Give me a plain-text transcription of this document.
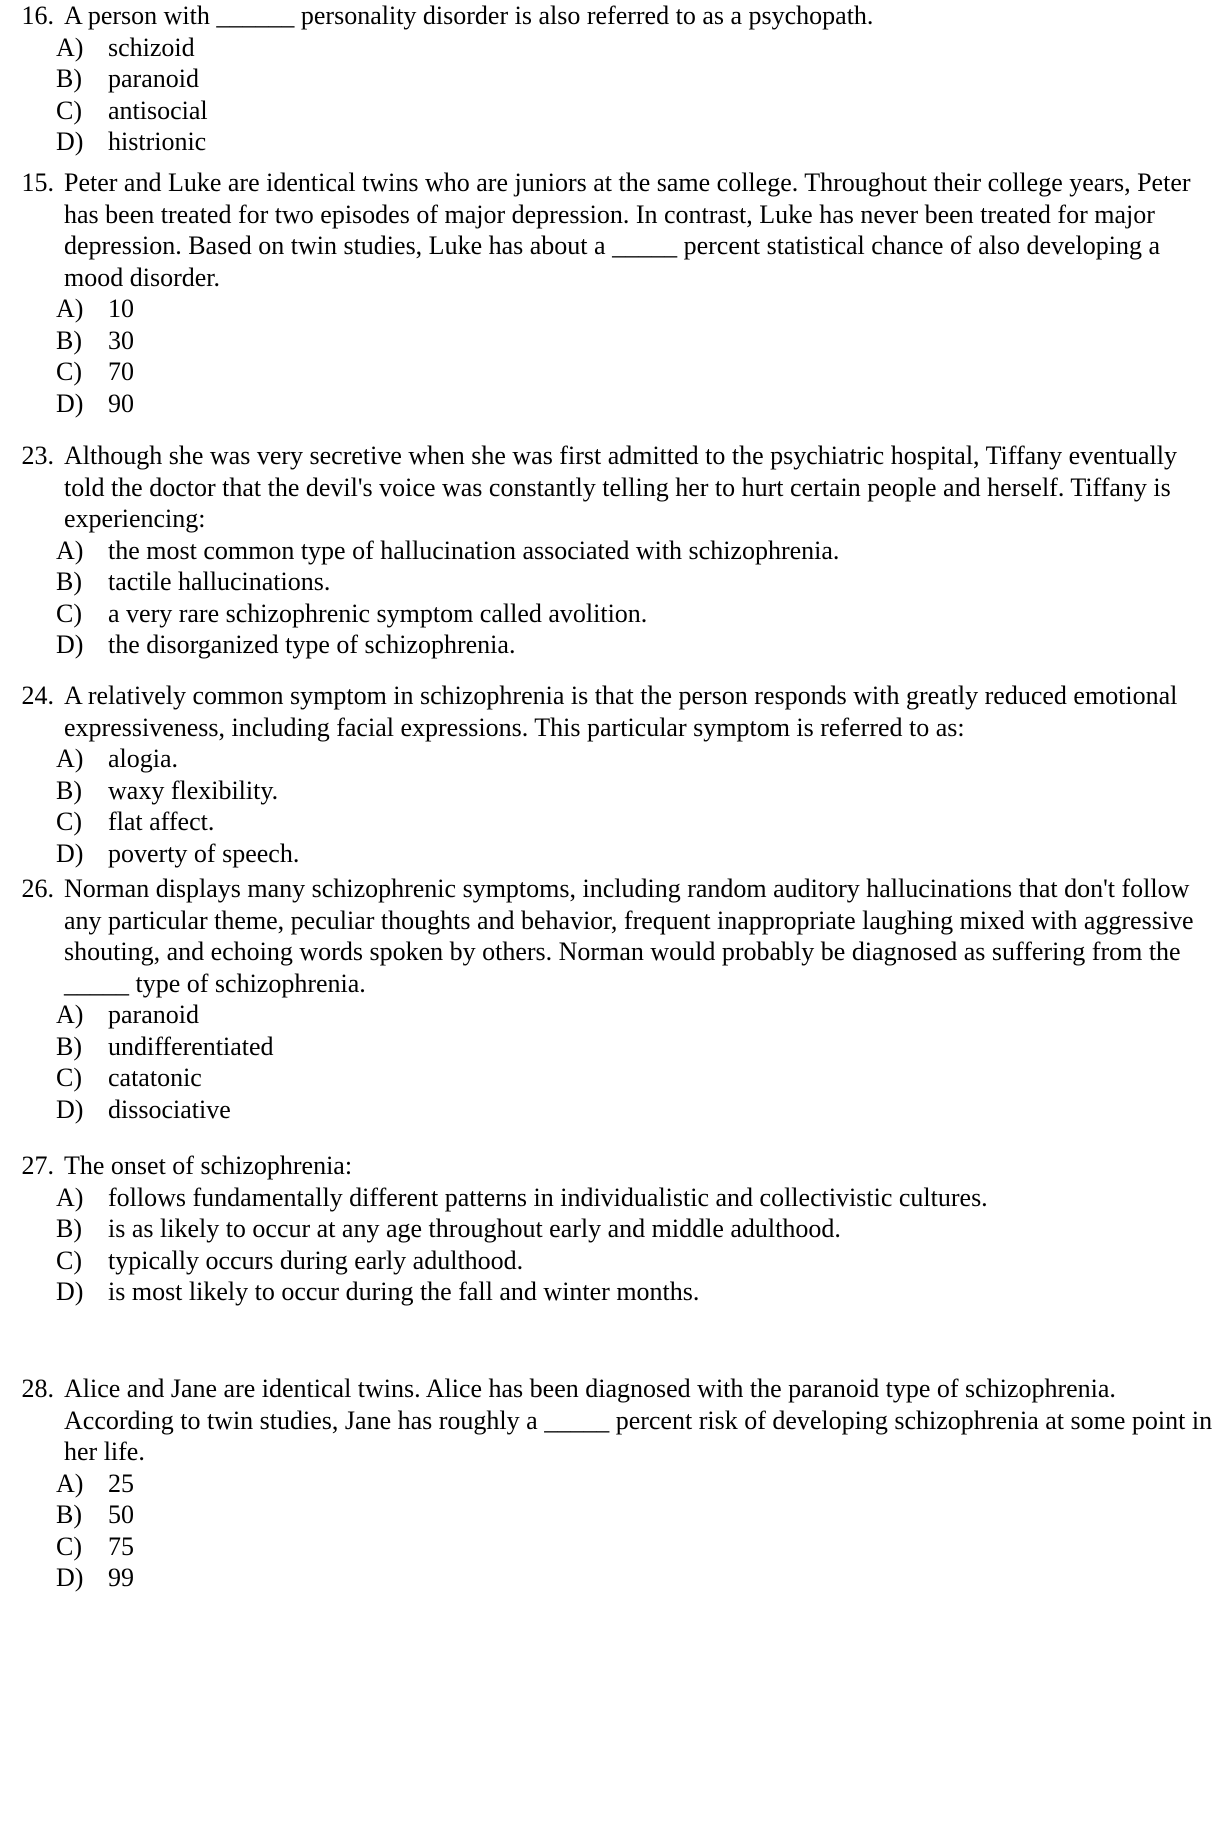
16. A person with ______ personality disorder is also referred to as a psychopath.
A) schizoid
B)	paranoid
C)	antisocial
D) histrionic
15. Peter and Luke are identical twins who are juniors at the same college. Throughout their college years, Peter has been treated for two episodes of major depression. In contrast, Luke has never been treated for major depression. Based on twin studies, Luke has about a _____ percent statistical chance of also developing a mood disorder.
A) 10
B)	30
C)	70
D) 90
23. Although she was very secretive when she was first admitted to the psychiatric hospital, Tiffany eventually told the doctor that the devil's voice was constantly telling her to hurt certain people and herself. Tiffany is experiencing:
A) the most common type of hallucination associated with schizophrenia.
B)	tactile hallucinations.
C)	a very rare schizophrenic symptom called avolition.
D) the disorganized type of schizophrenia.
24. A relatively common symptom in schizophrenia is that the person responds with greatly reduced emotional expressiveness, including facial expressions. This particular symptom is referred to as:
A) alogia.
B)	waxy flexibility.
C)	flat affect.
D) poverty of speech.
26. Norman displays many schizophrenic symptoms, including random auditory hallucinations that don't follow any particular theme, peculiar thoughts and behavior, frequent inappropriate laughing mixed with aggressive shouting, and echoing words spoken by others. Norman would probably be diagnosed as suffering from the _____ type of schizophrenia.
A) paranoid
B)	undifferentiated
C)	catatonic
D) dissociative
27. The onset of schizophrenia:
A) follows fundamentally different patterns in individualistic and collectivistic cultures.
B)	is as likely to occur at any age throughout early and middle adulthood.
C)	typically occurs during early adulthood.
D) is most likely to occur during the fall and winter months.
28. Alice and Jane are identical twins. Alice has been diagnosed with the paranoid type of schizophrenia. According to twin studies, Jane has roughly a _____ percent risk of developing schizophrenia at some point in her life.
A) 25
B)	50
C)	75
D) 99
